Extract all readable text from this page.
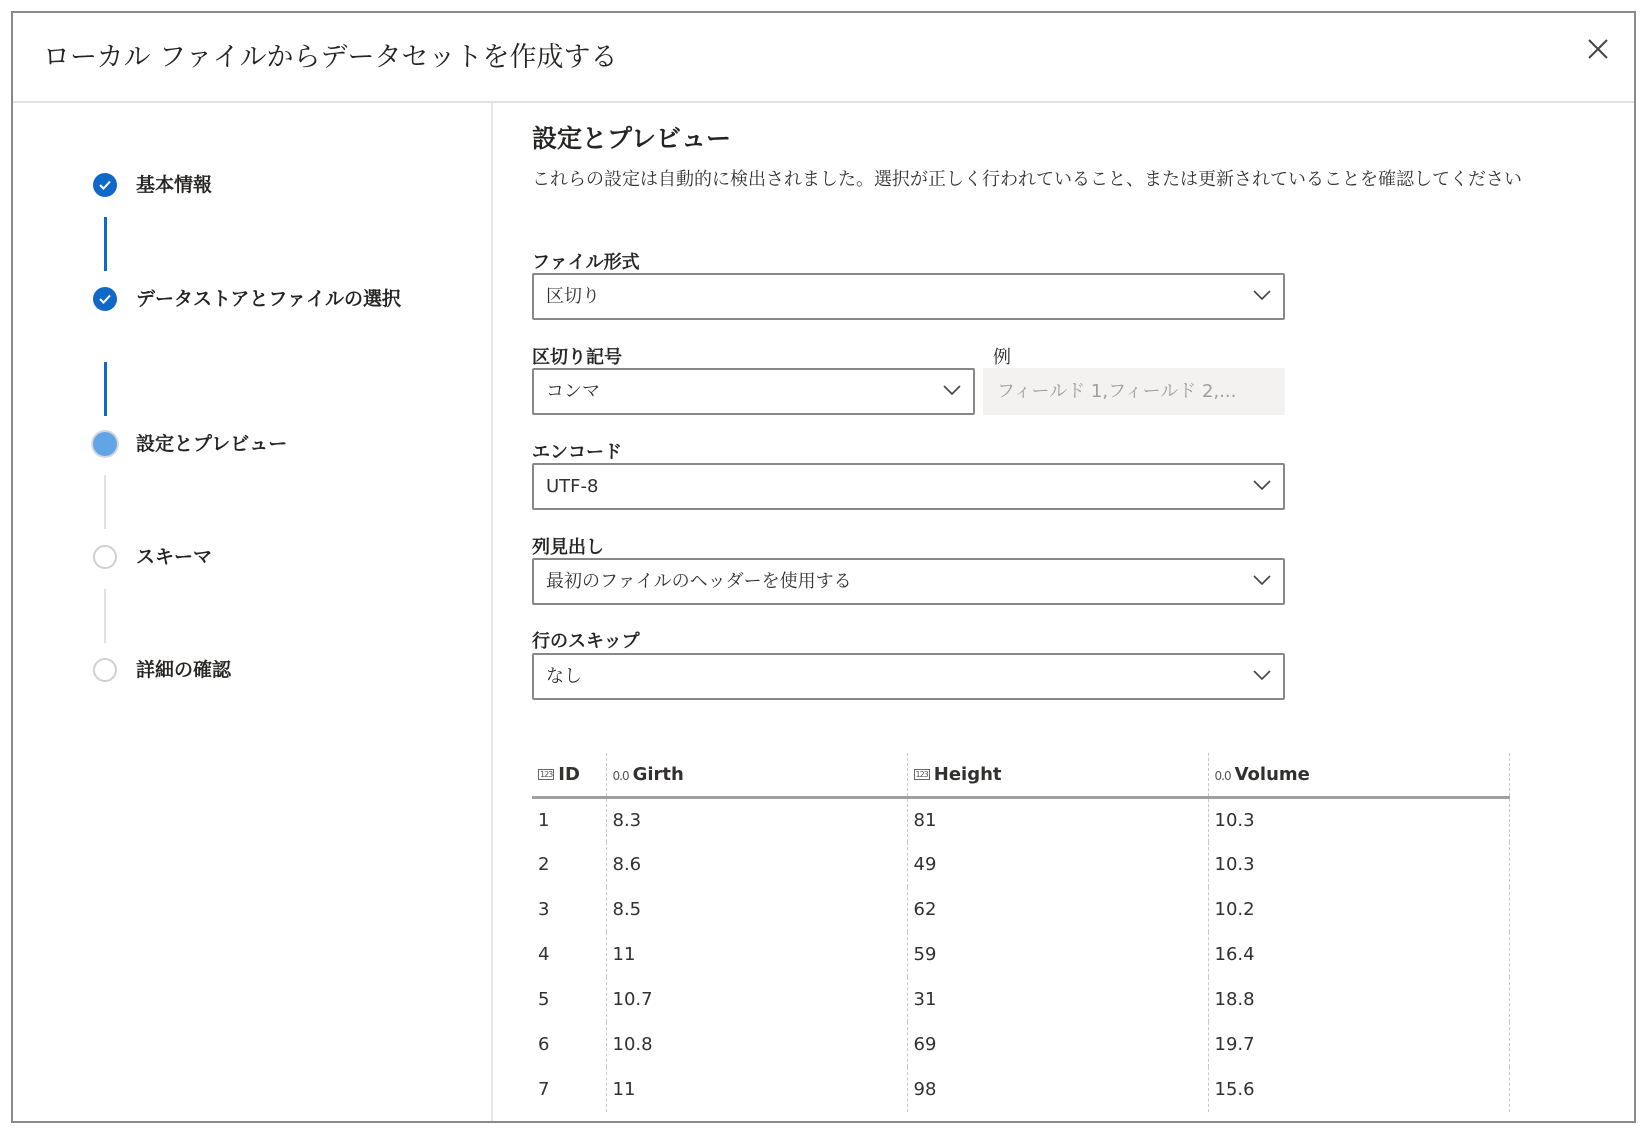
ローカル ファイルからデータセットを作成する
基本情報
データストアとファイルの選択
設定とプレビュー
スキーマ
詳細の確認
設定とプレビュー
これらの設定は自動的に検出されました。選択が正しく行われていること、または更新されていることを確認してください
ファイル形式
区切り
区切り記号	例
コンマ	フィールド 1,フィールド 2,...
エンコード
UTF-8
列見出し
最初のファイルのヘッダーを使用する
行のスキップ
なし
123 ID	0.0 Girth	123 Height	0.0 Volume
1	8.3	81	10.3
2	8.6	49	10.3
3	8.5	62	10.2
4	11	59	16.4
5	10.7	31	18.8
6	10.8	69	19.7
7	11	98	15.6
